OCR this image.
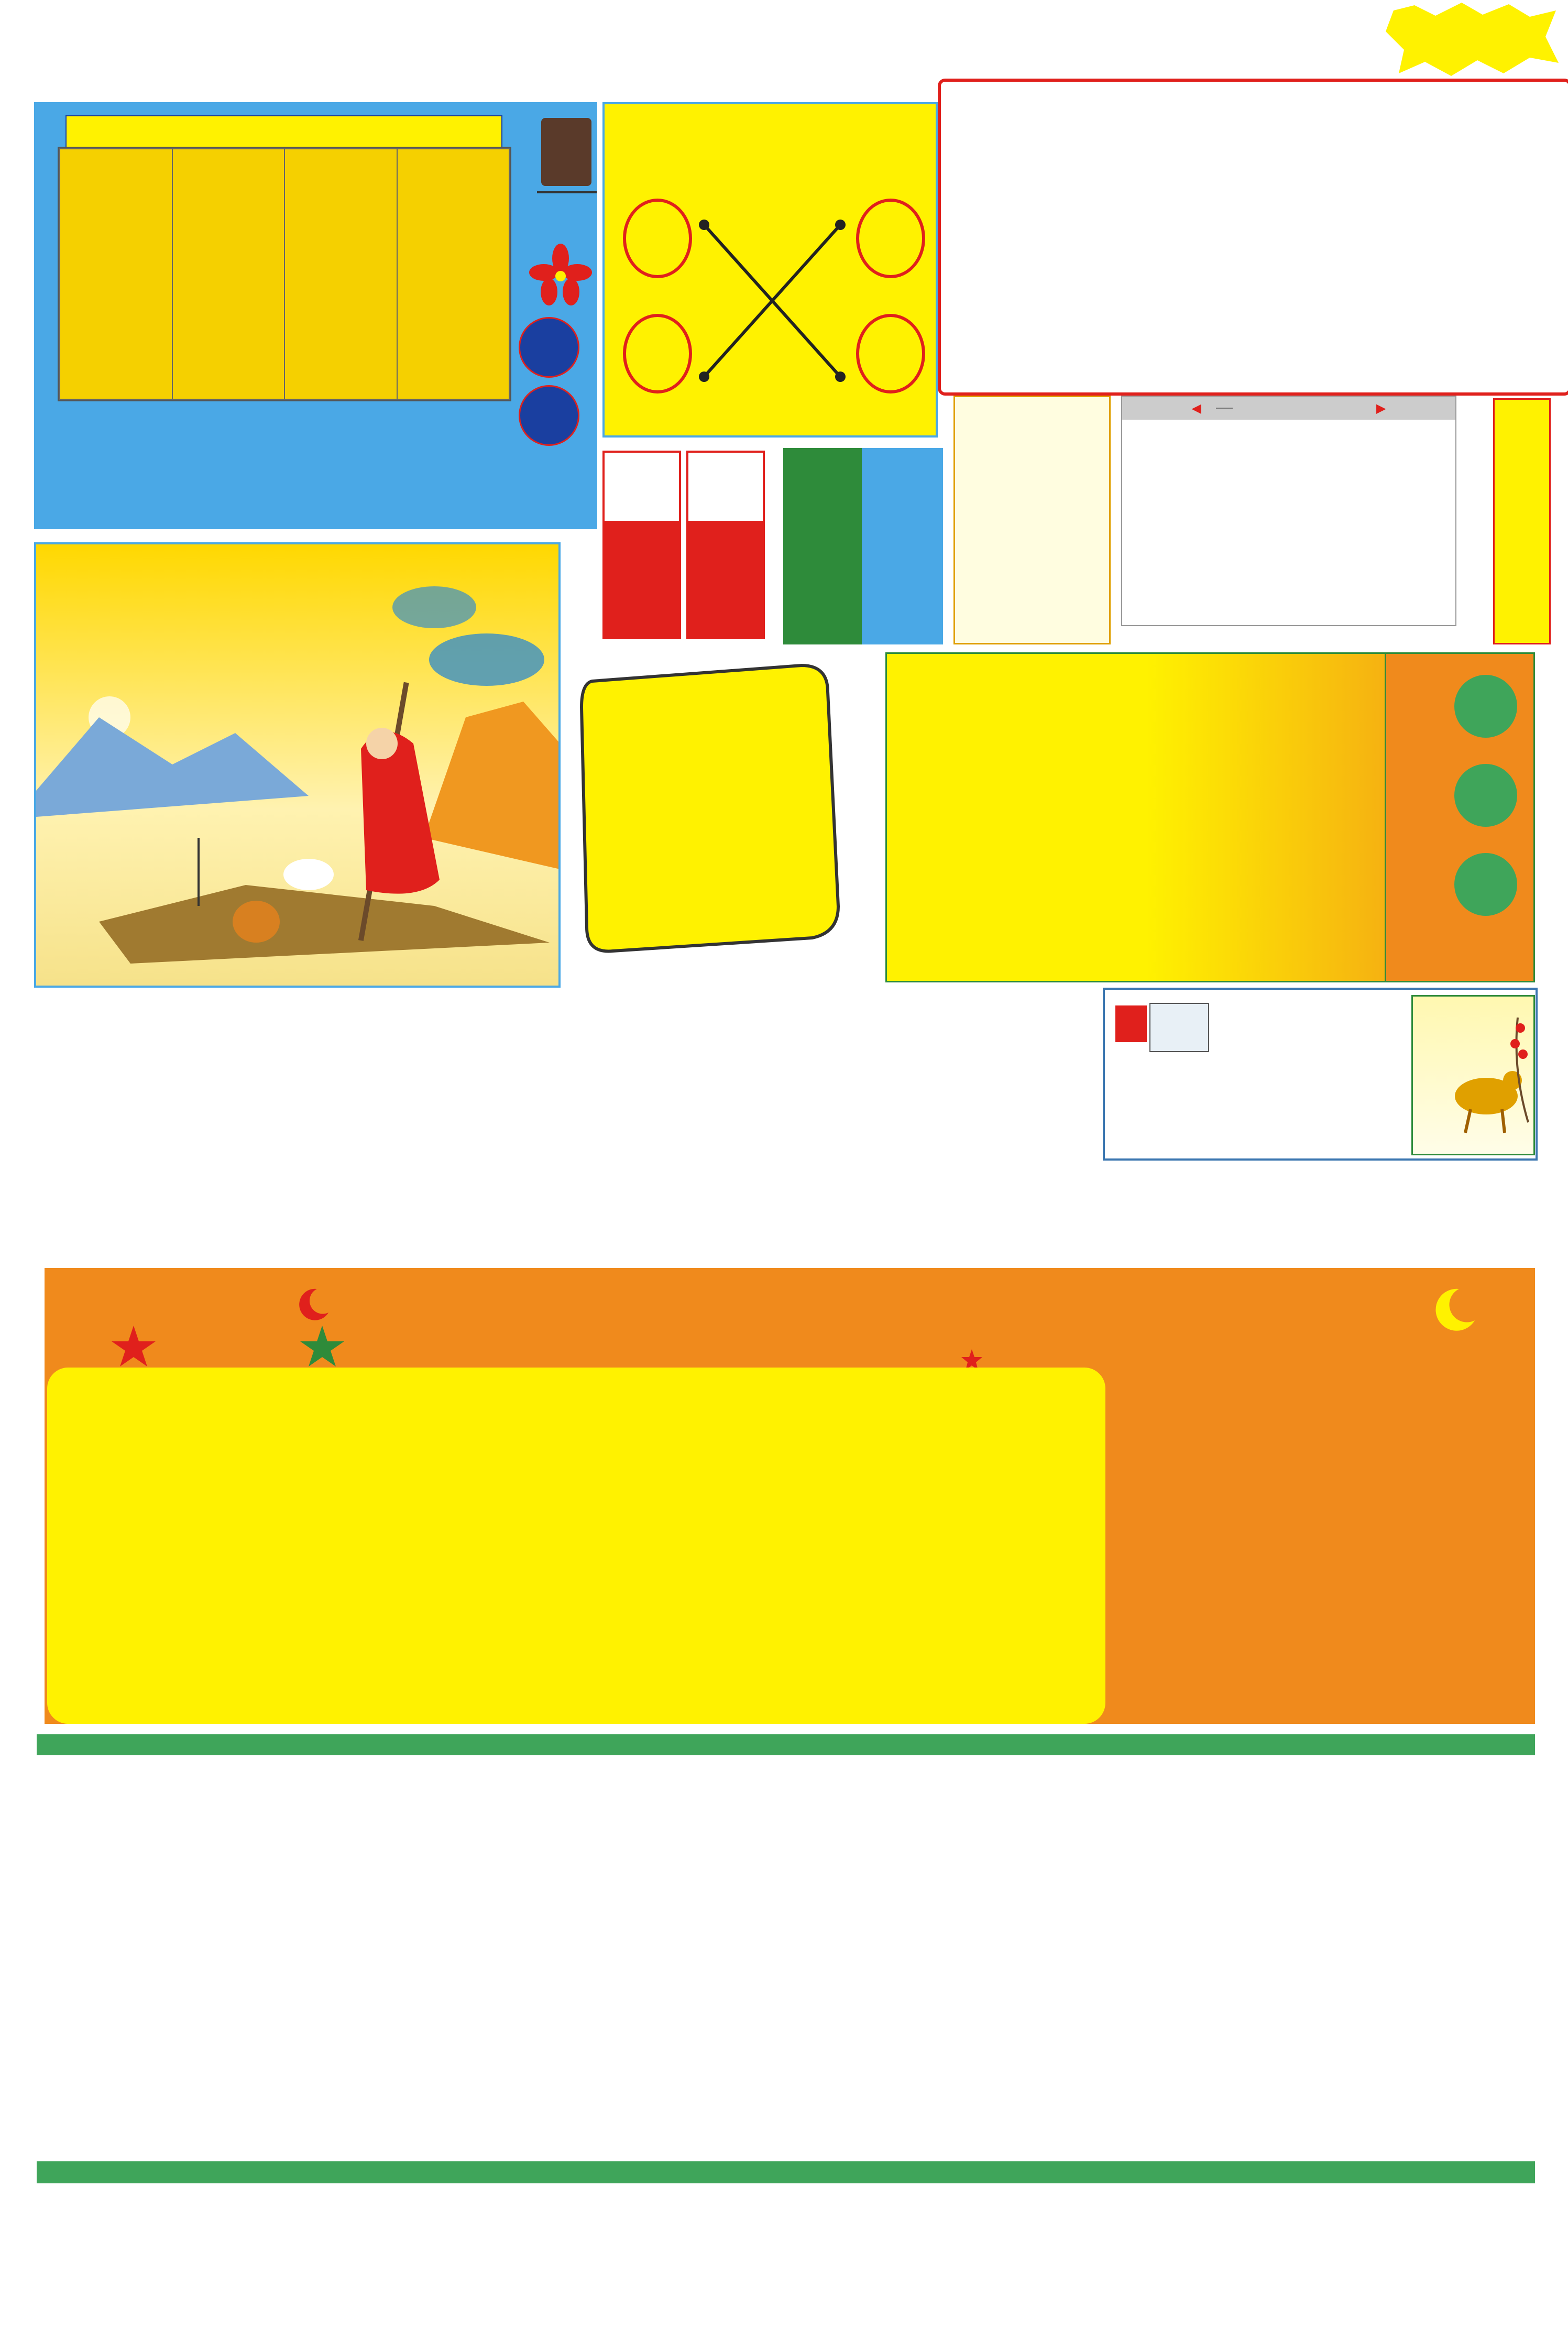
◀	▶
